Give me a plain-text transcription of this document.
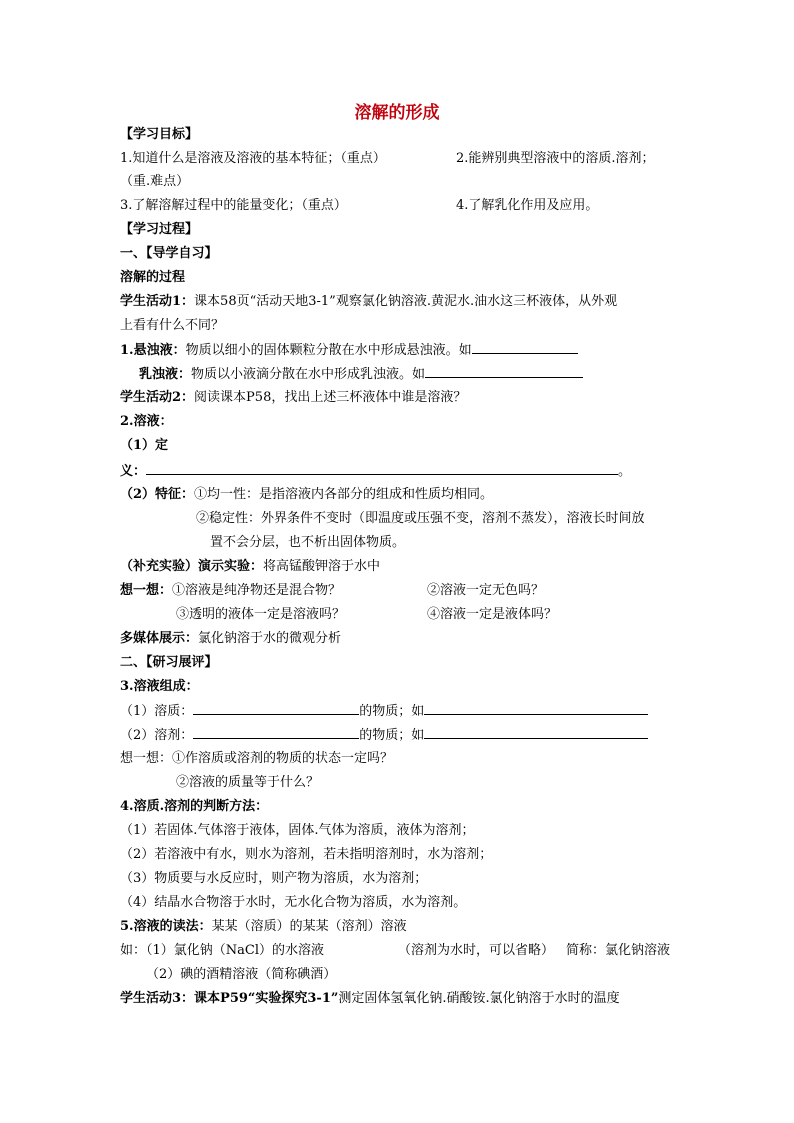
溶解的形成
【学习目标】
1.知道什么是溶液及溶液的基本特征；（重点）	2.能辨别典型溶液中的溶质.溶剂；
（重.难点）
3.了解溶解过程中的能量变化；（重点）	4.了解乳化作用及应用。
【学习过程】
一、【导学自习】
溶解的过程
学生活动1：课本58页“活动天地3-1”观察氯化钠溶液.黄泥水.油水这三杯液体，从外观
上看有什么不同？
1.悬浊液：物质以细小的固体颗粒分散在水中形成悬浊液。如
乳浊液：物质以小液滴分散在水中形成乳浊液。如
学生活动2：阅读课本P58，找出上述三杯液体中谁是溶液？
2.溶液：
（1）定
义：	。
（2）特征：①均一性：是指溶液内各部分的组成和性质均相同。
②稳定性：外界条件不变时（即温度或压强不变，溶剂不蒸发），溶液长时间放
置不会分层，也不析出固体物质。
（补充实验）演示实验：将高锰酸钾溶于水中
想一想：①溶液是纯净物还是混合物？	②溶液一定无色吗？
③透明的液体一定是溶液吗？	④溶液一定是液体吗？
多媒体展示：氯化钠溶于水的微观分析
二、【研习展评】
3.溶液组成：
（1）溶质：	的物质；如
（2）溶剂：	的物质；如
想一想：①作溶质或溶剂的物质的状态一定吗？
②溶液的质量等于什么？
4.溶质.溶剂的判断方法：
（1）若固体.气体溶于液体，固体.气体为溶质，液体为溶剂；
（2）若溶液中有水，则水为溶剂，若未指明溶剂时，水为溶剂；
（3）物质要与水反应时，则产物为溶质，水为溶剂；
（4）结晶水合物溶于水时，无水化合物为溶质，水为溶剂。
5.溶液的读法：某某（溶质）的某某（溶剂）溶液
如：（1）氯化钠（NaCl）的水溶液	（溶剂为水时，可以省略） 简称：氯化钠溶液
（2）碘的酒精溶液（简称碘酒）
学生活动3：课本P59“实验探究3-1”测定固体氢氧化钠.硝酸铵.氯化钠溶于水时的温度
